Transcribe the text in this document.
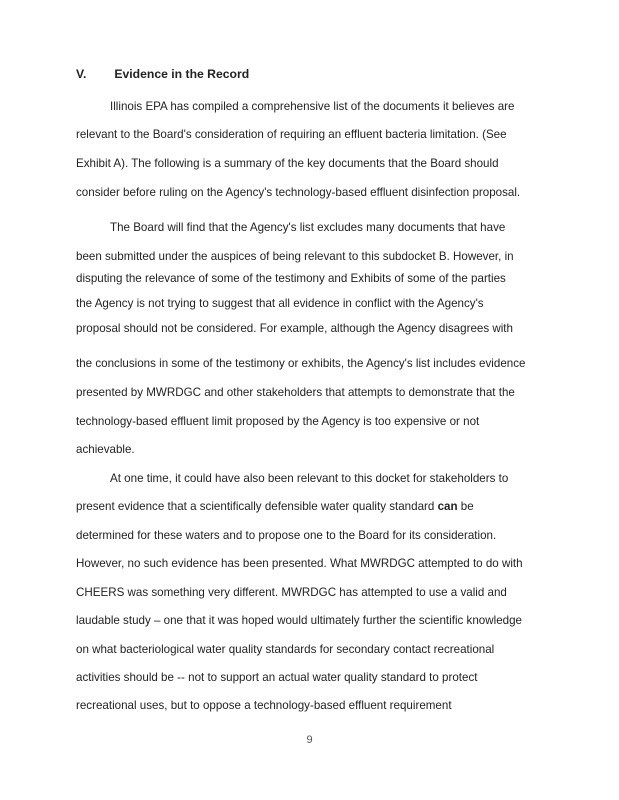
V. Evidence in the Record
Illinois EPA has compiled a comprehensive list of the documents it believes are
relevant to the Board's consideration of requiring an effluent bacteria limitation. (See
Exhibit A). The following is a summary of the key documents that the Board should
consider before ruling on the Agency's technology-based effluent disinfection proposal.
The Board will find that the Agency's list excludes many documents that have
been submitted under the auspices of being relevant to this subdocket B. However, in
disputing the relevance of some of the testimony and Exhibits of some of the parties
the Agency is not trying to suggest that all evidence in conflict with the Agency's
proposal should not be considered. For example, although the Agency disagrees with
the conclusions in some of the testimony or exhibits, the Agency's list includes evidence
presented by MWRDGC and other stakeholders that attempts to demonstrate that the
technology-based effluent limit proposed by the Agency is too expensive or not
achievable.
At one time, it could have also been relevant to this docket for stakeholders to
present evidence that a scientifically defensible water quality standard can be
determined for these waters and to propose one to the Board for its consideration.
However, no such evidence has been presented. What MWRDGC attempted to do with
CHEERS was something very different. MWRDGC has attempted to use a valid and
laudable study – one that it was hoped would ultimately further the scientific knowledge
on what bacteriological water quality standards for secondary contact recreational
activities should be -- not to support an actual water quality standard to protect
recreational uses, but to oppose a technology-based effluent requirement
9
